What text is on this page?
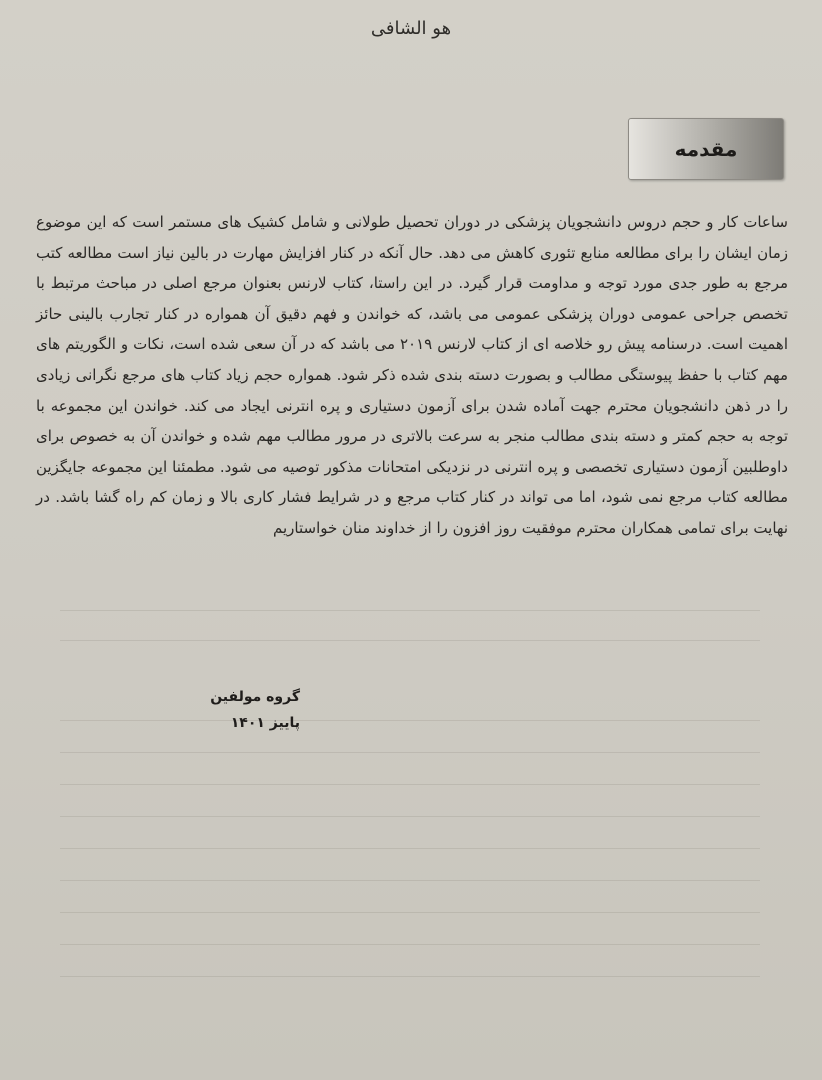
هو الشافی
مقدمه
ساعات کار و حجم دروس دانشجویان پزشکی در دوران تحصیل طولانی و شامل کشیک های مستمر است که این موضوع زمان ایشان را برای مطالعه منابع تئوری کاهش می دهد. حال آنکه در کنار افزایش مهارت در بالین نیاز است مطالعه کتب مرجع به طور جدی مورد توجه و مداومت قرار گیرد. در این راستا، کتاب لارنس بعنوان مرجع اصلی در مباحث مرتبط با تخصص جراحی عمومی دوران پزشکی عمومی می باشد، که خواندن و فهم دقیق آن همواره در کنار تجارب بالینی حائز اهمیت است. درسنامه پیش رو خلاصه ای از کتاب لارنس ۲۰۱۹ می باشد که در آن سعی شده است، نکات و الگوریتم های مهم کتاب با حفظ پیوستگی مطالب و بصورت دسته بندی شده ذکر شود. همواره حجم زیاد کتاب های مرجع نگرانی زیادی را در ذهن دانشجویان محترم جهت آماده شدن برای آزمون دستیاری و پره انترنی ایجاد می کند. خواندن این مجموعه با توجه به حجم کمتر و دسته بندی مطالب منجر به سرعت بالاتری در مرور مطالب مهم شده و خواندن آن به خصوص برای داوطلبین آزمون دستیاری تخصصی و پره انترنی در نزدیکی امتحانات مذکور توصیه می شود. مطمئنا این مجموعه جایگزین مطالعه کتاب مرجع نمی شود، اما می تواند در کنار کتاب مرجع و در شرایط فشار کاری بالا و زمان کم راه گشا باشد. در نهایت برای تمامی همکاران محترم موفقیت روز افزون را از خداوند منان خواستاریم
گروه مولفین
پاییز ۱۴۰۱
